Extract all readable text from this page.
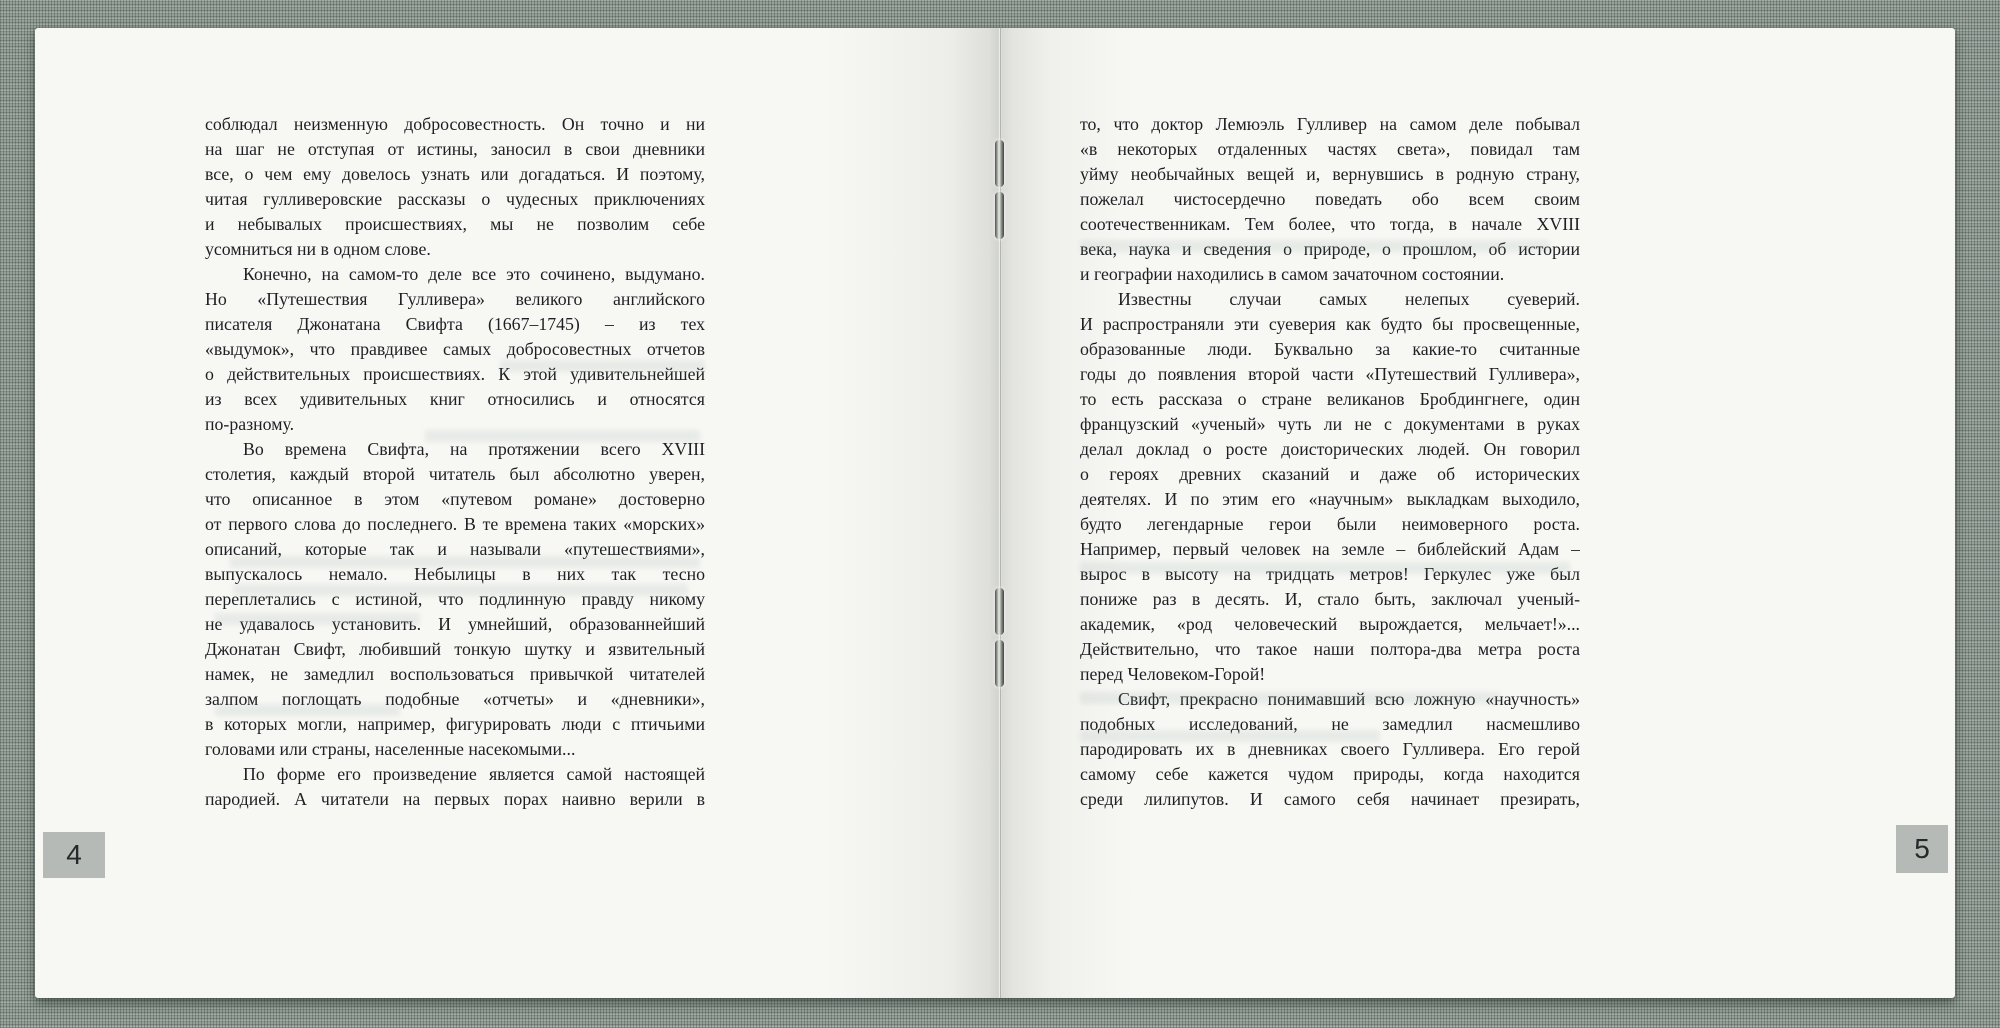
соблюдал неизменную добросовестность. Он точно и ни
на шаг не отступая от истины, заносил в свои дневники
все, о чем ему довелось узнать или догадаться. И поэтому,
читая гулливеровские рассказы о чудесных приключениях
и небывалых происшествиях, мы не позволим себе
усомниться ни в одном слове.
Конечно, на самом-то деле все это сочинено, выдумано.
Но «Путешествия Гулливера» великого английского
писателя Джонатана Свифта (1667–1745) – из тех
«выдумок», что правдивее самых добросовестных отчетов
о действительных происшествиях. К этой удивительнейшей
из всех удивительных книг относились и относятся
по-разному.
Во времена Свифта, на протяжении всего XVIII
столетия, каждый второй читатель был абсолютно уверен,
что описанное в этом «путевом романе» достоверно
от первого слова до последнего. В те времена таких «морских»
описаний, которые так и называли «путешествиями»,
выпускалось немало. Небылицы в них так тесно
переплетались с истиной, что подлинную правду никому
не удавалось установить. И умнейший, образованнейший
Джонатан Свифт, любивший тонкую шутку и язвительный
намек, не замедлил воспользоваться привычкой читателей
залпом поглощать подобные «отчеты» и «дневники»,
в которых могли, например, фигурировать люди с птичьими
головами или страны, населенные насекомыми...
По форме его произведение является самой настоящей
пародией. А читатели на первых порах наивно верили в
4
то, что доктор Лемюэль Гулливер на самом деле побывал
«в некоторых отдаленных частях света», повидал там
уйму необычайных вещей и, вернувшись в родную страну,
пожелал чистосердечно поведать обо всем своим
соотечественникам. Тем более, что тогда, в начале XVIII
века, наука и сведения о природе, о прошлом, об истории
и географии находились в самом зачаточном состоянии.
Известны случаи самых нелепых суеверий.
И распространяли эти суеверия как будто бы просвещенные,
образованные люди. Буквально за какие-то считанные
годы до появления второй части «Путешествий Гулливера»,
то есть рассказа о стране великанов Бробдингнеге, один
французский «ученый» чуть ли не с документами в руках
делал доклад о росте доисторических людей. Он говорил
о героях древних сказаний и даже об исторических
деятелях. И по этим его «научным» выкладкам выходило,
будто легендарные герои были неимоверного роста.
Например, первый человек на земле – библейский Адам –
вырос в высоту на тридцать метров! Геркулес уже был
пониже раз в десять. И, стало быть, заключал ученый-
академик, «род человеческий вырождается, мельчает!»...
Действительно, что такое наши полтора-два метра роста
перед Человеком-Горой!
Свифт, прекрасно понимавший всю ложную «научность»
подобных исследований, не замедлил насмешливо
пародировать их в дневниках своего Гулливера. Его герой
самому себе кажется чудом природы, когда находится
среди лилипутов. И самого себя начинает презирать,
5
